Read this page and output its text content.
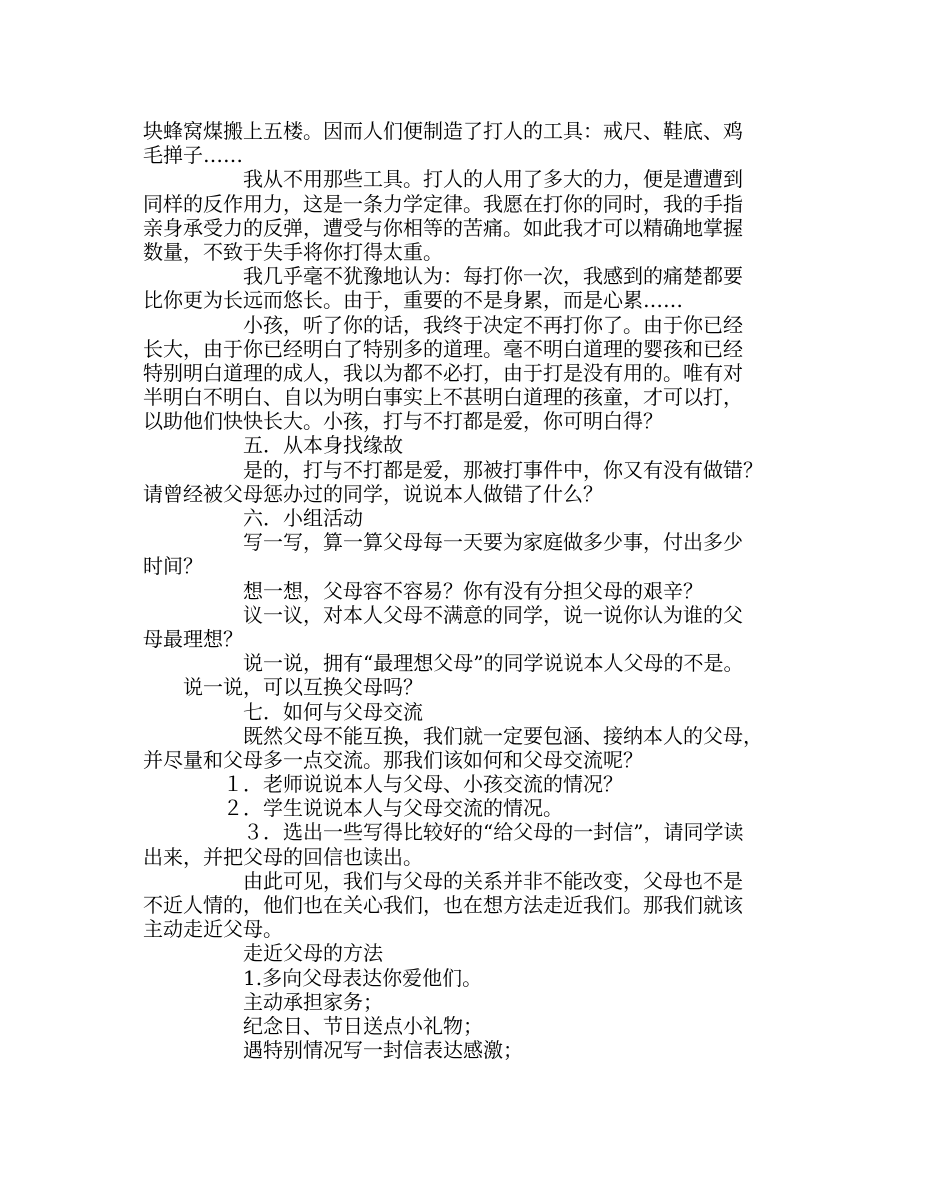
块蜂窝煤搬上五楼。因而人们便制造了打人的工具：戒尺、鞋底、鸡
毛掸子……
　　　　　我从不用那些工具。打人的人用了多大的力，便是遭遭到
同样的反作用力，这是一条力学定律。我愿在打你的同时，我的手指
亲身承受力的反弹，遭受与你相等的苦痛。如此我才可以精确地掌握
数量，不致于失手将你打得太重。
　　　　　我几乎毫不犹豫地认为：每打你一次，我感到的痛楚都要
比你更为长远而悠长。由于，重要的不是身累，而是心累……
　　　　　小孩，听了你的话，我终于决定不再打你了。由于你已经
长大，由于你已经明白了特别多的道理。毫不明白道理的婴孩和已经
特别明白道理的成人，我以为都不必打，由于打是没有用的。唯有对
半明白不明白、自以为明白事实上不甚明白道理的孩童，才可以打，
以助他们快快长大。小孩，打与不打都是爱，你可明白得？
　　　　　五．从本身找缘故
　　　　　是的，打与不打都是爱，那被打事件中，你又有没有做错？
请曾经被父母惩办过的同学，说说本人做错了什么？
　　　　　六．小组活动
　　　　　写一写，算一算父母每一天要为家庭做多少事，付出多少
时间？
　　　　　想一想，父母容不容易？你有没有分担父母的艰辛？
　　　　　议一议，对本人父母不满意的同学，说一说你认为谁的父
母最理想？
　　　　　说一说，拥有“最理想父母”的同学说说本人父母的不是。
　　说一说，可以互换父母吗？
　　　　　七．如何与父母交流
　　　　　既然父母不能互换，我们就一定要包涵、接纳本人的父母，
并尽量和父母多一点交流。那我们该如何和父母交流呢？
　　　　１．老师说说本人与父母、小孩交流的情况？
　　　　２．学生说说本人与父母交流的情况。
　　　　　３．选出一些写得比较好的“给父母的一封信”，请同学读
出来，并把父母的回信也读出。
　　　　　由此可见，我们与父母的关系并非不能改变，父母也不是
不近人情的，他们也在关心我们，也在想方法走近我们。那我们就该
主动走近父母。
　　　　　走近父母的方法
　　　　　1.多向父母表达你爱他们。
　　　　　主动承担家务；
　　　　　纪念日、节日送点小礼物；
　　　　　遇特别情况写一封信表达感激；
